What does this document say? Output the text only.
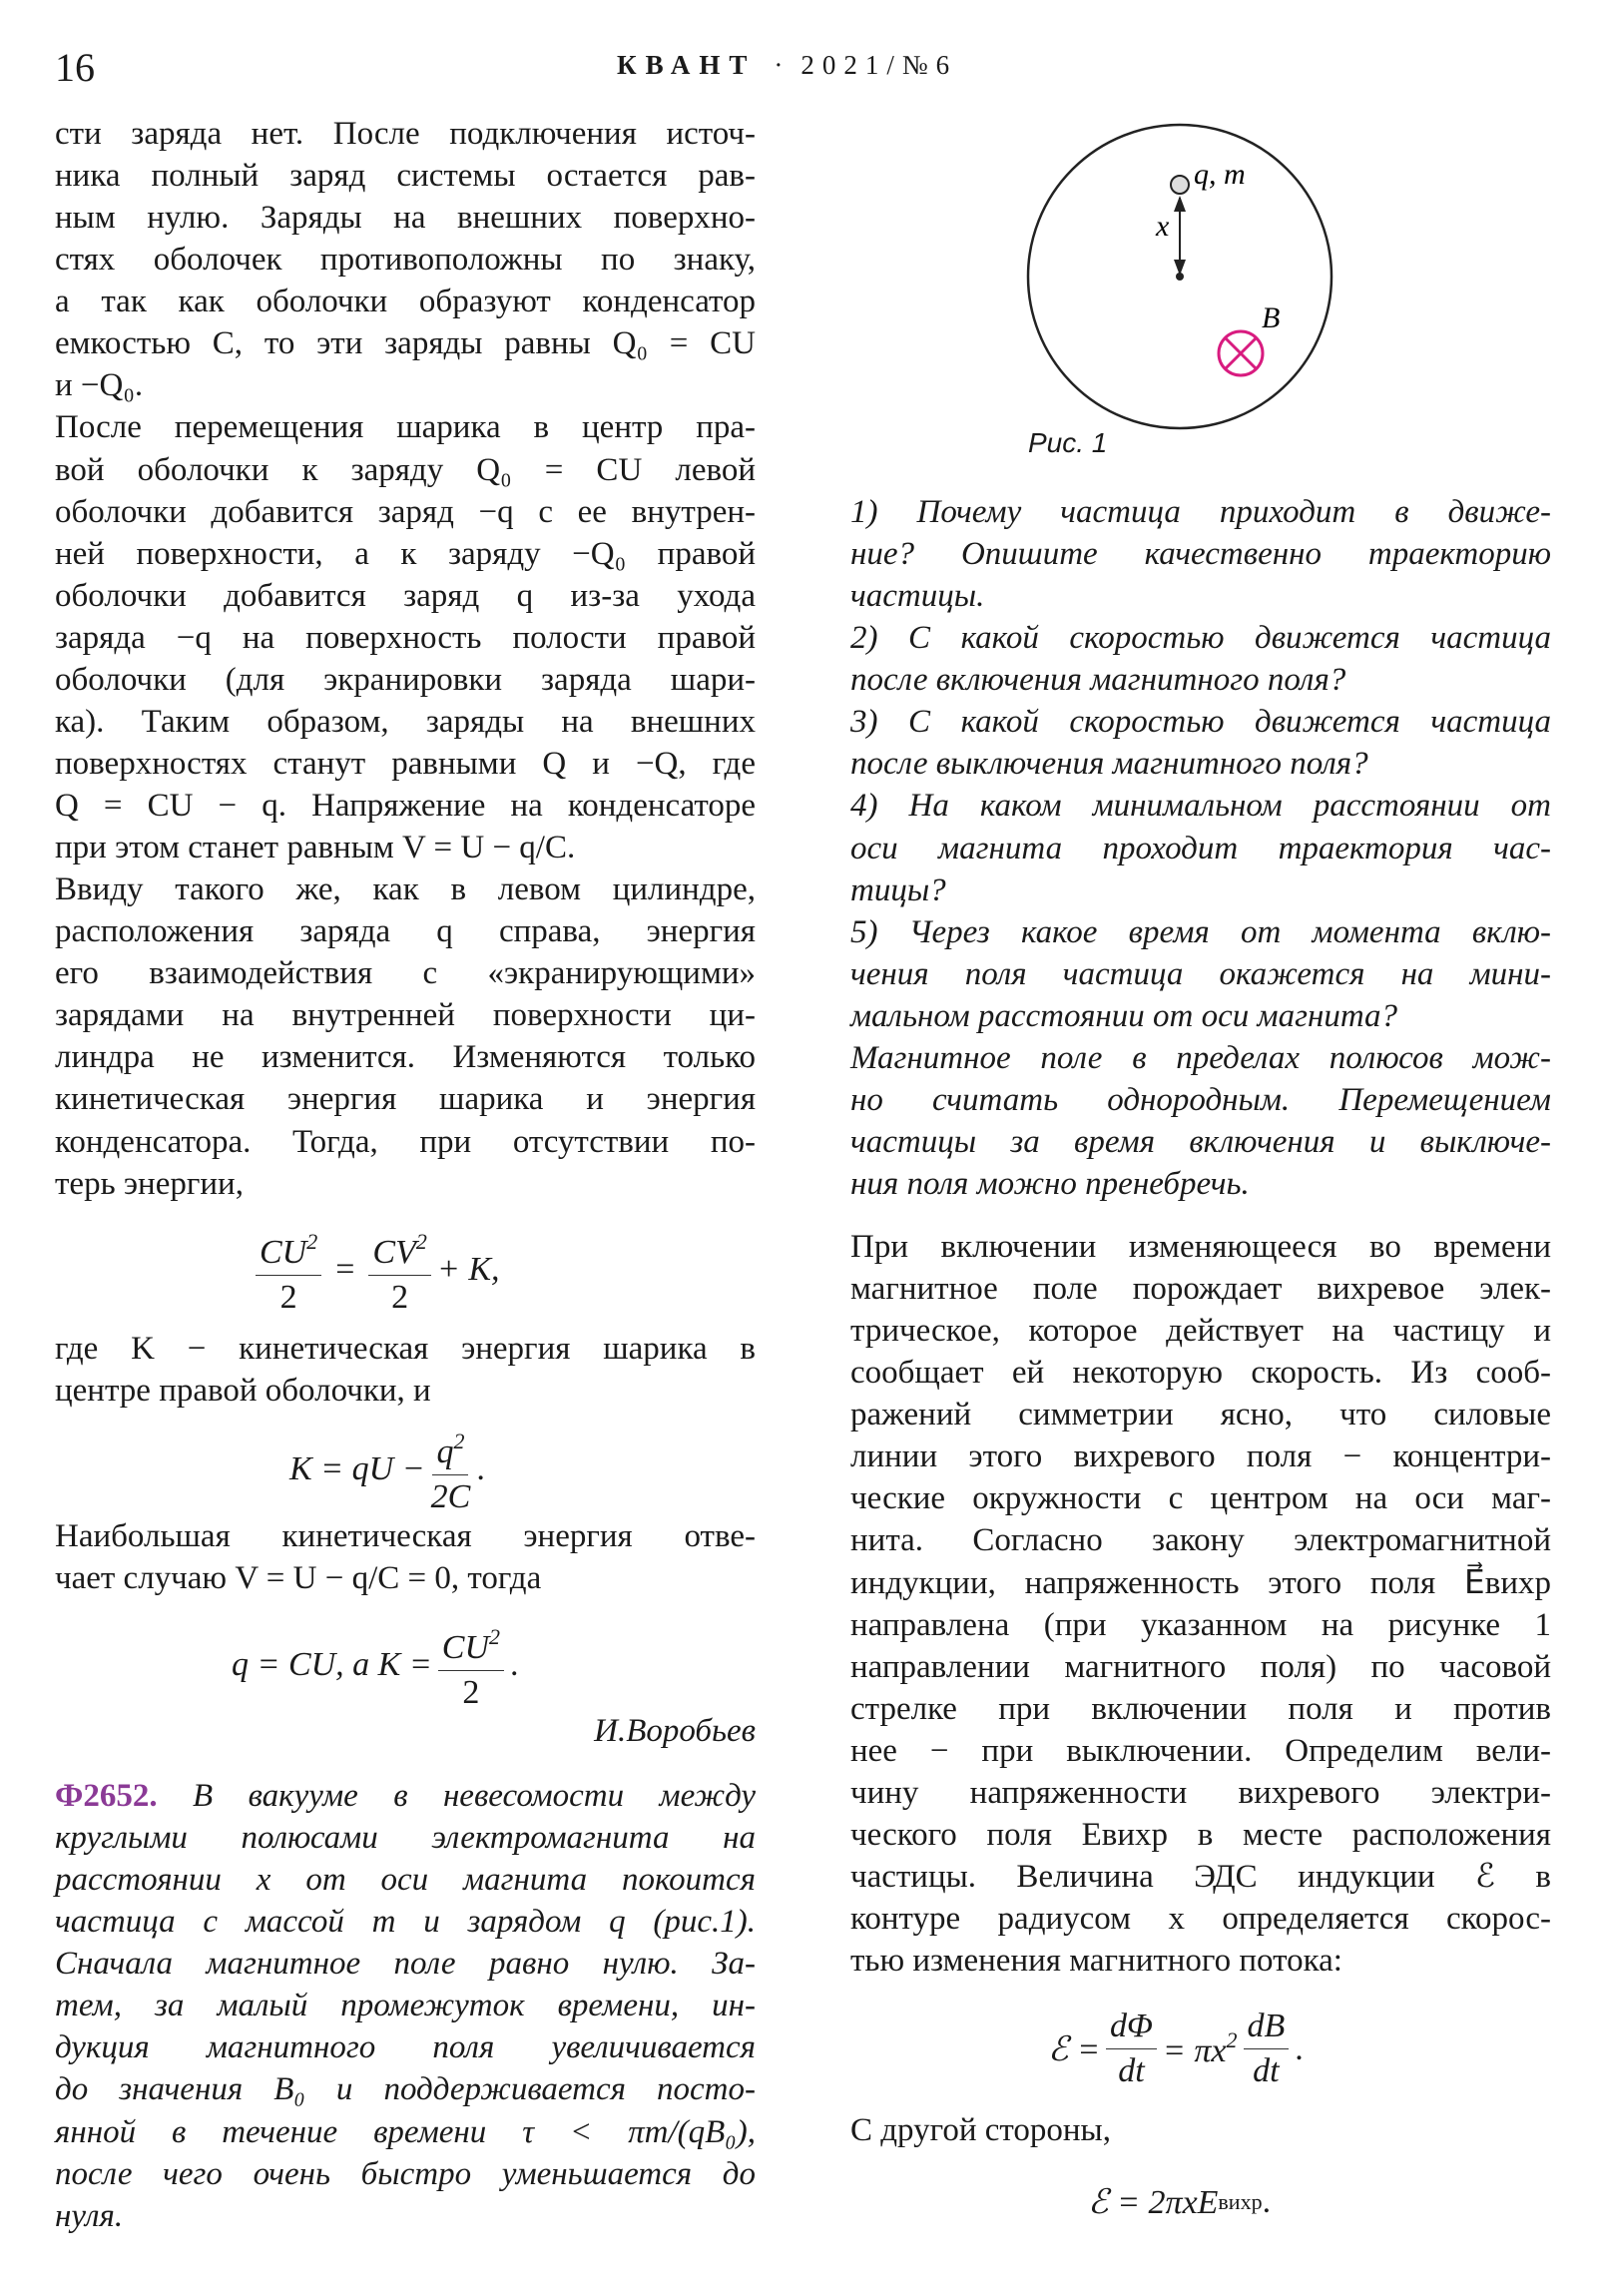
16	КВАНТ · 2021/№6
сти заряда нет. После подключения источ-
ника полный заряд системы остается рав-
ным нулю. Заряды на внешних поверхно-
стях оболочек противоположны по знаку,
а так как оболочки образуют конденсатор
емкостью C, то эти заряды равны Q₀ = CU
и −Q₀.
После перемещения шарика в центр пра-
вой оболочки к заряду Q₀ = CU левой
оболочки добавится заряд −q с ее внутрен-
ней поверхности, а к заряду −Q₀ правой
оболочки добавится заряд q из-за ухода
заряда −q на поверхность полости правой
оболочки (для экранировки заряда шари-
ка). Таким образом, заряды на внешних
поверхностях станут равными Q и −Q, где
Q = CU − q. Напряжение на конденсаторе
при этом станет равным V = U − q/C.
Ввиду такого же, как в левом цилиндре,
расположения заряда q справа, энергия
его взаимодействия с «экранирующими»
зарядами на внутренней поверхности ци-
линдра не изменится. Изменяются только
кинетическая энергия шарика и энергия
конденсатора. Тогда, при отсутствии по-
терь энергии,
$\frac{CU^2}{2} = \frac{CV^2}{2} + K$,
где K − кинетическая энергия шарика в
центре правой оболочки, и
K = qU − $\frac{q^2}{2C}$ .
Наибольшая кинетическая энергия отве-
чает случаю V = U − q/C = 0, тогда
q = CU, а $K = \frac{CU^2}{2}$ .
И.Воробьев
Ф2652. В вакууме в невесомости между
круглыми полюсами электромагнита на
расстоянии x от оси магнита покоится
частица с массой m и зарядом q (рис.1).
Сначала магнитное поле равно нулю. За-
тем, за малый промежуток времени, ин-
дукция магнитного поля увеличивается
до значения B₀ и поддерживается посто-
янной в течение времени τ < πm/(qB₀),
после чего очень быстро уменьшается до
нуля.
q, m
x
B
Рис. 1
1) Почему частица приходит в движе-
ние? Опишите качественно траекторию
частицы.
2) С какой скоростью движется частица
после включения магнитного поля?
3) С какой скоростью движется частица
после выключения магнитного поля?
4) На каком минимальном расстоянии от
оси магнита проходит траектория час-
тицы?
5) Через какое время от момента вклю-
чения поля частица окажется на мини-
мальном расстоянии от оси магнита?
Магнитное поле в пределах полюсов мож-
но считать однородным. Перемещением
частицы за время включения и выключе-
ния поля можно пренебречь.
При включении изменяющееся во времени
магнитное поле порождает вихревое элек-
трическое, которое действует на частицу и
сообщает ей некоторую скорость. Из сооб-
ражений симметрии ясно, что силовые
линии этого вихревого поля − концентри-
ческие окружности с центром на оси маг-
нита. Согласно закону электромагнитной
индукции, напряженность этого поля E⃗вихр
направлена (при указанном на рисунке 1
направлении магнитного поля) по часовой
стрелке при включении поля и против
нее − при выключении. Определим вели-
чину напряженности вихревого электри-
ческого поля Eвихр в месте расположения
частицы. Величина ЭДС индукции ℰ в
контуре радиусом x определяется скорос-
тью изменения магнитного потока:
ℰ = $\frac{d\Phi}{dt} = \pi x^2 \frac{dB}{dt}$ .
С другой стороны,
ℰ = 2πxE вихр .
